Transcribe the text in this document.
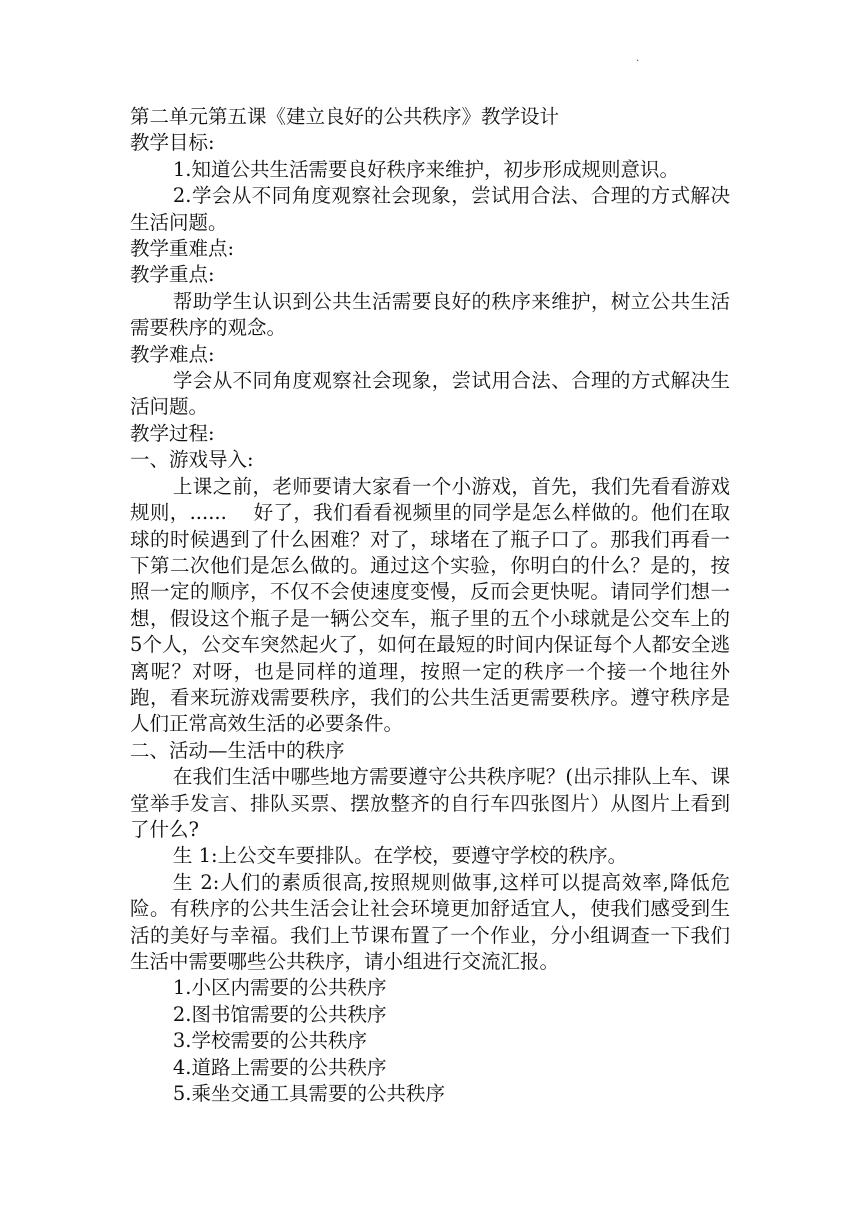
.

第二单元第五课《建立良好的公共秩序》教学设计

教学目标:

1.知道公共生活需要良好秩序来维护，初步形成规则意识。

2.学会从不同角度观察社会现象，尝试用合法、合理的方式解决生活问题。

教学重难点:

教学重点:

帮助学生认识到公共生活需要良好的秩序来维护，树立公共生活需要秩序的观念。

教学难点:

学会从不同角度观察社会现象，尝试用合法、合理的方式解决生活问题。

教学过程:

一、游戏导入:

上课之前，老师要请大家看一个小游戏，首先，我们先看看游戏规则，......　 好了，我们看看视频里的同学是怎么样做的。他们在取球的时候遇到了什么困难？对了，球堵在了瓶子口了。那我们再看一下第二次他们是怎么做的。通过这个实验，你明白的什么？是的，按照一定的顺序，不仅不会使速度变慢，反而会更快呢。请同学们想一想，假设这个瓶子是一辆公交车，瓶子里的五个小球就是公交车上的 5个人，公交车突然起火了，如何在最短的时间内保证每个人都安全逃离呢？对呀，也是同样的道理，按照一定的秩序一个接一个地往外跑，看来玩游戏需要秩序，我们的公共生活更需要秩序。遵守秩序是人们正常高效生活的必要条件。

二、活动—生活中的秩序

在我们生活中哪些地方需要遵守公共秩序呢？(出示排队上车、课堂举手发言、排队买票、摆放整齐的自行车四张图片）从图片上看到了什么?

生 1:上公交车要排队。在学校，要遵守学校的秩序。

生 2:人们的素质很高,按照规则做事,这样可以提高效率,降低危险。有秩序的公共生活会让社会环境更加舒适宜人，使我们感受到生活的美好与幸福。我们上节课布置了一个作业，分小组调查一下我们生活中需要哪些公共秩序，请小组进行交流汇报。

1.小区内需要的公共秩序

2.图书馆需要的公共秩序

3.学校需要的公共秩序

4.道路上需要的公共秩序

5.乘坐交通工具需要的公共秩序
